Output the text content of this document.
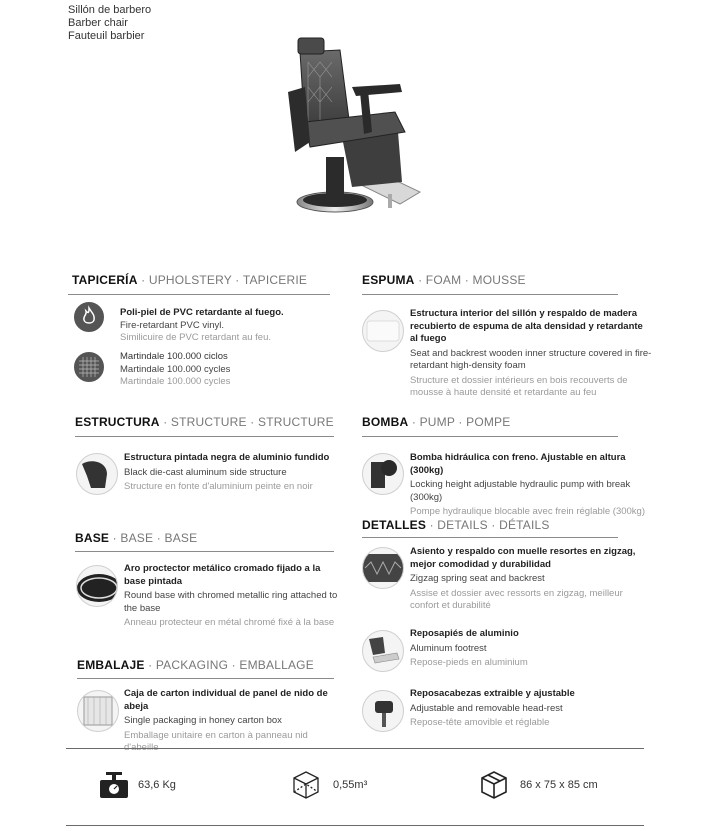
Sillón de barbero
Barber chair
Fauteuil barbier
TAPICERÍA · UPHOLSTERY · TAPICERIE	ESPUMA · FOAM · MOUSSE
ESTRUCTURA · STRUCTURE · STRUCTURE BOMBA · PUMP · POMPE
BASE · BASE · BASE
DETALLES · DETAILS · DÉTAILS
EMBALAJE · PACKAGING · EMBALLAGE
Poli-piel de PVC retardante al fuego.
Fire-retardant PVC vinyl.
Similicuire de PVC retardant au feu.
Martindale 100.000 ciclos
Martindale 100.000 cycles
Martindale 100.000 cycles
Estructura interior del sillón y respaldo de madera recubierto de espuma de alta densidad y retardante al fuego
Seat and backrest wooden inner structure covered in fire-retardant high-density foam
Structure et dossier intérieurs en bois recouverts de mousse à haute densité et retardante au feu
Estructura pintada negra de aluminio fundido
Black die-cast aluminum side structure
Structure en fonte d'aluminium peinte en noir
Bomba hidráulica con freno. Ajustable en altura (300kg)
Locking height adjustable hydraulic pump with break (300kg)
Pompe hydraulique blocable avec frein réglable (300kg)
Aro proctector metálico cromado fijado a la base pintada
Round base with chromed metallic ring attached to the base
Anneau protecteur en métal chromé fixé à la base
Asiento y respaldo con muelle resortes en zigzag, mejor comodidad y durabilidad
Zigzag spring seat and backrest
Assise et dossier avec ressorts en zigzag, meilleur confort et durabilité
Reposapiés de aluminio
Aluminum footrest
Repose-pieds en aluminium
Reposacabezas extraible y ajustable
Adjustable and removable head-rest
Repose-tête amovible et réglable
Caja de carton individual de panel de nido de abeja
Single packaging in honey carton box
Emballage unitaire en carton à panneau nid
63,6 Kg	0,55m³	86 x 75 x 85 cm
